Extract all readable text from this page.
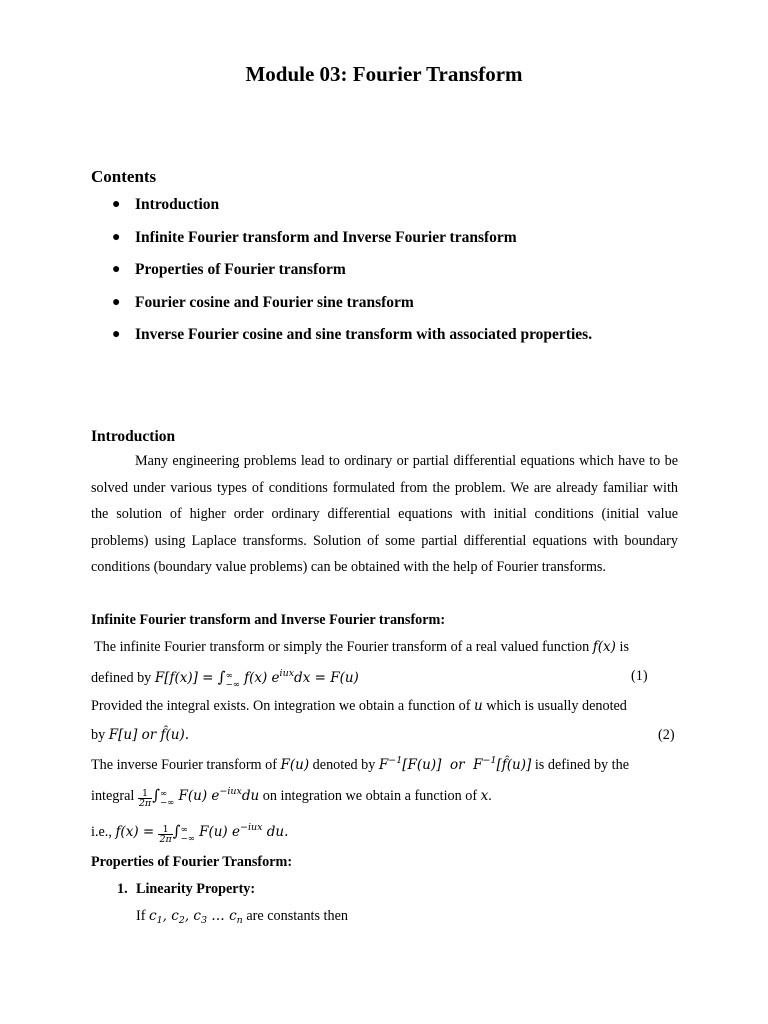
Module 03: Fourier Transform
Contents
● Introduction
● Infinite Fourier transform and Inverse Fourier transform
● Properties of Fourier transform
● Fourier cosine and Fourier sine transform
● Inverse Fourier cosine and sine transform with associated properties.
Introduction
Many engineering problems lead to ordinary or partial differential equations which have to be solved under various types of conditions formulated from the problem. We are already familiar with the solution of higher order ordinary differential equations with initial conditions (initial value problems) using Laplace transforms. Solution of some partial differential equations with boundary conditions (boundary value problems) can be obtained with the help of Fourier transforms.
Infinite Fourier transform and Inverse Fourier transform:
The infinite Fourier transform or simply the Fourier transform of a real valued function f(x) is
defined by F[f(x)] = ∫ ∞
−∞ f(x) $e^{iux}dx = F(u)$	(1)
Provided the integral exists. On integration we obtain a function of u which is usually denoted
by F[u] or f̂(u).	(2)
The inverse Fourier transform of F(u) denoted by $F^{-1}[F(u)]$  or  $F^{-1}[f̂(u)]$ is defined by the
integral $\frac{1}{2\pi}$ ∫ ∞
−∞ F(u) $e^{-iux}du$ on integration we obtain a function of x.
i.e., $f(x) = \frac{1}{2\pi}$ ∫ ∞
−∞ F(u) $e^{-iux}$ du.
Properties of Fourier Transform:
1. Linearity Property:
If $c_1$, $c_2$, $c_3$ … $c_n$ are constants then
